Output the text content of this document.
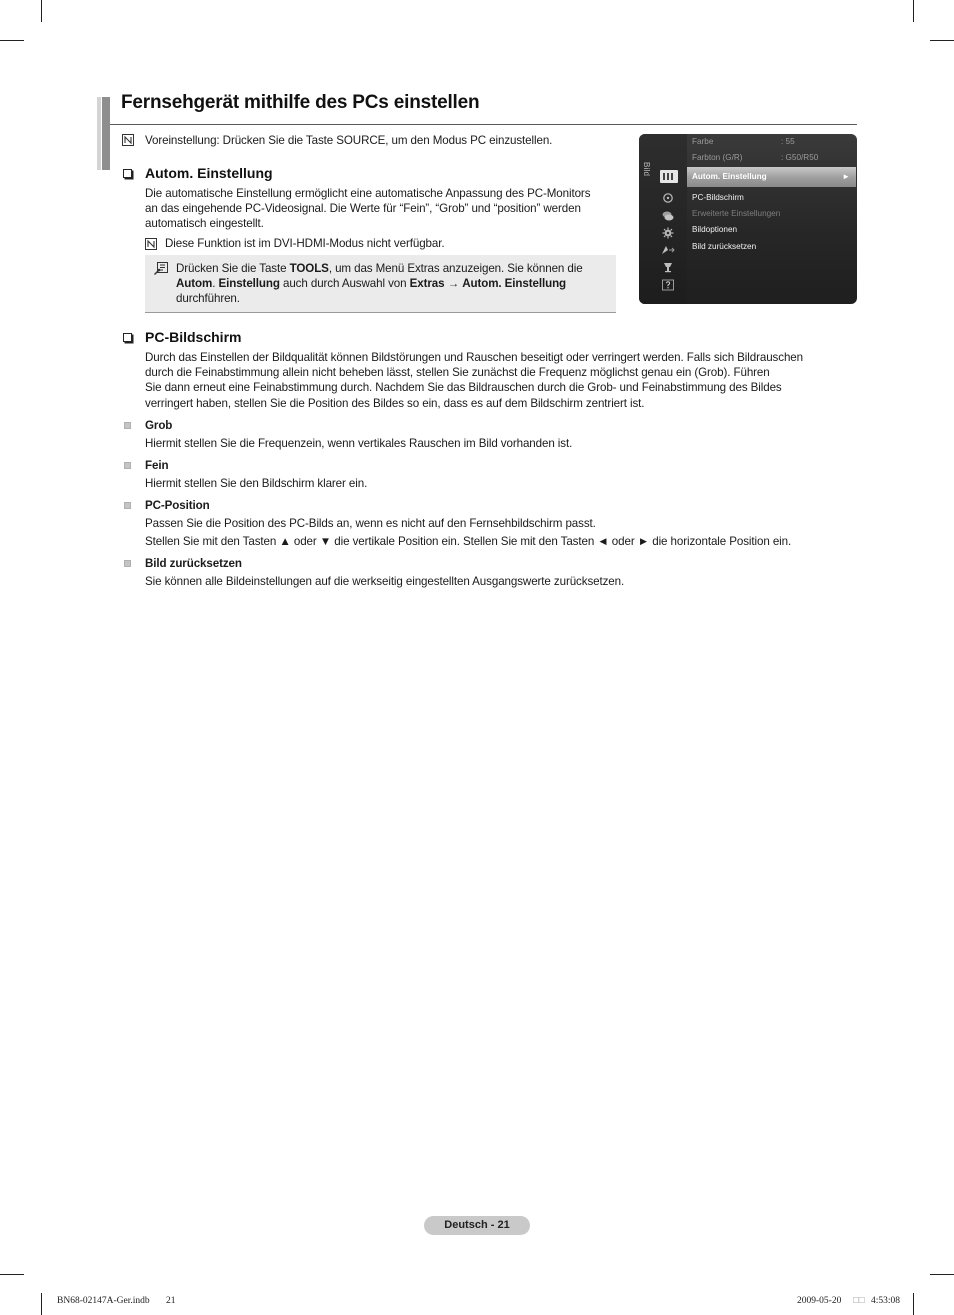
Fernsehgerät mithilfe des PCs einstellen
Voreinstellung: Drücken Sie die Taste SOURCE, um den Modus PC einzustellen.
Autom. Einstellung
Die automatische Einstellung ermöglicht eine automatische Anpassung des PC-Monitors
an das eingehende PC-Videosignal. Die Werte für “Fein”, “Grob” und “position” werden
automatisch eingestellt.
Diese Funktion ist im DVI-HDMI-Modus nicht verfügbar.
Drücken Sie die Taste TOOLS, um das Menü Extras anzuzeigen. Sie können die
Autom. Einstellung auch durch Auswahl von Extras → Autom. Einstellung
durchführen.
Bild
Farbe	: 55
Farbton (G/R)	: G50/R50
Autom. Einstellung	►
PC-Bildschirm
Erweiterte Einstellungen
Bildoptionen
Bild zurücksetzen
PC-Bildschirm
Durch das Einstellen der Bildqualität können Bildstörungen und Rauschen beseitigt oder verringert werden. Falls sich Bildrauschen
durch die Feinabstimmung allein nicht beheben lässt, stellen Sie zunächst die Frequenz möglichst genau ein (Grob). Führen
Sie dann erneut eine Feinabstimmung durch. Nachdem Sie das Bildrauschen durch die Grob- und Feinabstimmung des Bildes
verringert haben, stellen Sie die Position des Bildes so ein, dass es auf dem Bildschirm zentriert ist.
Grob
Hiermit stellen Sie die Frequenzein, wenn vertikales Rauschen im Bild vorhanden ist.
Fein
Hiermit stellen Sie den Bildschirm klarer ein.
PC-Position
Passen Sie die Position des PC-Bilds an, wenn es nicht auf den Fernsehbildschirm passt.
Stellen Sie mit den Tasten ▲ oder ▼ die vertikale Position ein. Stellen Sie mit den Tasten ◄ oder ► die horizontale Position ein.
Bild zurücksetzen
Sie können alle Bildeinstellungen auf die werkseitig eingestellten Ausgangswerte zurücksetzen.
Deutsch - 21
BN68-02147A-Ger.indb 21	2009-05-20 □□ 4:53:08
